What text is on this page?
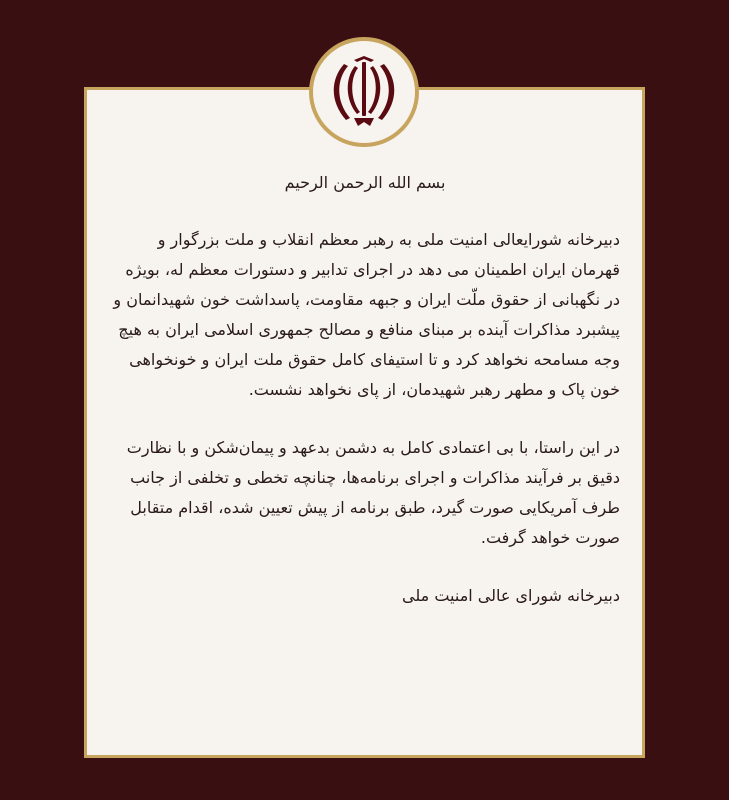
بسم الله الرحمن الرحیم

دبیرخانه شورایعالی امنیت ملی به رهبر معظم انقلاب و ملت بزرگوار و قهرمان ایران اطمینان می دهد در اجرای تدابیر و دستورات معظم له، بویژه در نگهبانی از حقوق ملّت ایران و جبهه مقاومت، پاسداشت خون شهیدانمان و پیشبرد مذاکرات آینده بر مبنای منافع و مصالح جمهوری اسلامی ایران به هیچ وجه مسامحه نخواهد کرد و تا استیفای کامل حقوق ملت ایران و خونخواهی خون پاک و مطهر رهبر شهیدمان، از پای نخواهد نشست.

در این راستا، با بی اعتمادی کامل به دشمن بدعهد و پیمان‌شکن و با نظارت دقیق بر فرآیند مذاکرات و اجرای برنامه‌ها، چنانچه تخطی و تخلفی از جانب طرف آمریکایی صورت گیرد، طبق برنامه از پیش تعیین شده، اقدام متقابل صورت خواهد گرفت.

دبیرخانه شورای عالی امنیت ملی
